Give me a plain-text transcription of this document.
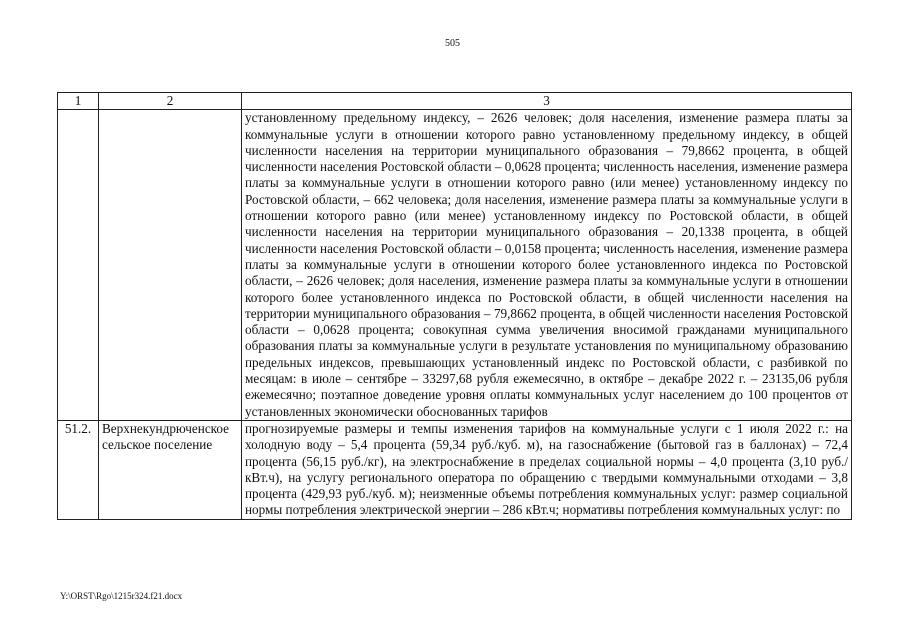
505
1	2	3
		установленному предельному индексу, – 2626 человек; доля населения, изменение размера платы за коммунальные услуги в отношении которого равно установленному предельному индексу, в общей численности населения на территории муниципального образования – 79,8662 процента, в общей численности населения Ростовской области – 0,0628 процента; численность населения, изменение размера платы за коммунальные услуги в отношении которого равно (или менее) установленному индексу по Ростовской области, – 662 человека; доля населения, изменение размера платы за коммунальные услуги в отношении которого равно (или менее) установленному индексу по Ростовской области, в общей численности населения на территории муниципального образования – 20,1338 процента, в общей численности населения Ростовской области – 0,0158 процента; численность населения, изменение размера платы за коммунальные услуги в отношении которого более установленного индекса по Ростовской области, – 2626 человек; доля населения, изменение размера платы за коммунальные услуги в отношении которого более установленного индекса по Ростовской области, в общей численности населения на территории муниципального образования – 79,8662 процента, в общей численности населения Ростовской области – 0,0628 процента; совокупная сумма увеличения вносимой гражданами муниципального образования платы за коммунальные услуги в результате установления по муниципальному образованию предельных индексов, превышающих установленный индекс по Ростовской области, с разбивкой по месяцам: в июле – сентябре – 33297,68 рубля ежемесячно, в октябре – декабре 2022 г. – 23135,06 рубля ежемесячно; поэтапное доведение уровня оплаты коммунальных услуг населением до 100 процентов от установленных экономически обоснованных тарифов
51.2.	Верхнекундрюченское сельское поселение	прогнозируемые размеры и темпы изменения тарифов на коммунальные услуги с 1 июля 2022 г.: на холодную воду – 5,4 процента (59,34 руб./куб. м), на газоснабжение (бытовой газ в баллонах) – 72,4 процента (56,15 руб./кг), на электроснабжение в пределах социальной нормы – 4,0 процента (3,10 руб./кВт.ч), на услугу регионального оператора по обращению с твердыми коммунальными отходами – 3,8 процента (429,93 руб./куб. м); неизменные объемы потребления коммунальных услуг: размер социальной нормы потребления электрической энергии – 286 кВт.ч; нормативы потребления коммунальных услуг: по
Y:\ORST\Rgo\1215r324.f21.docx
